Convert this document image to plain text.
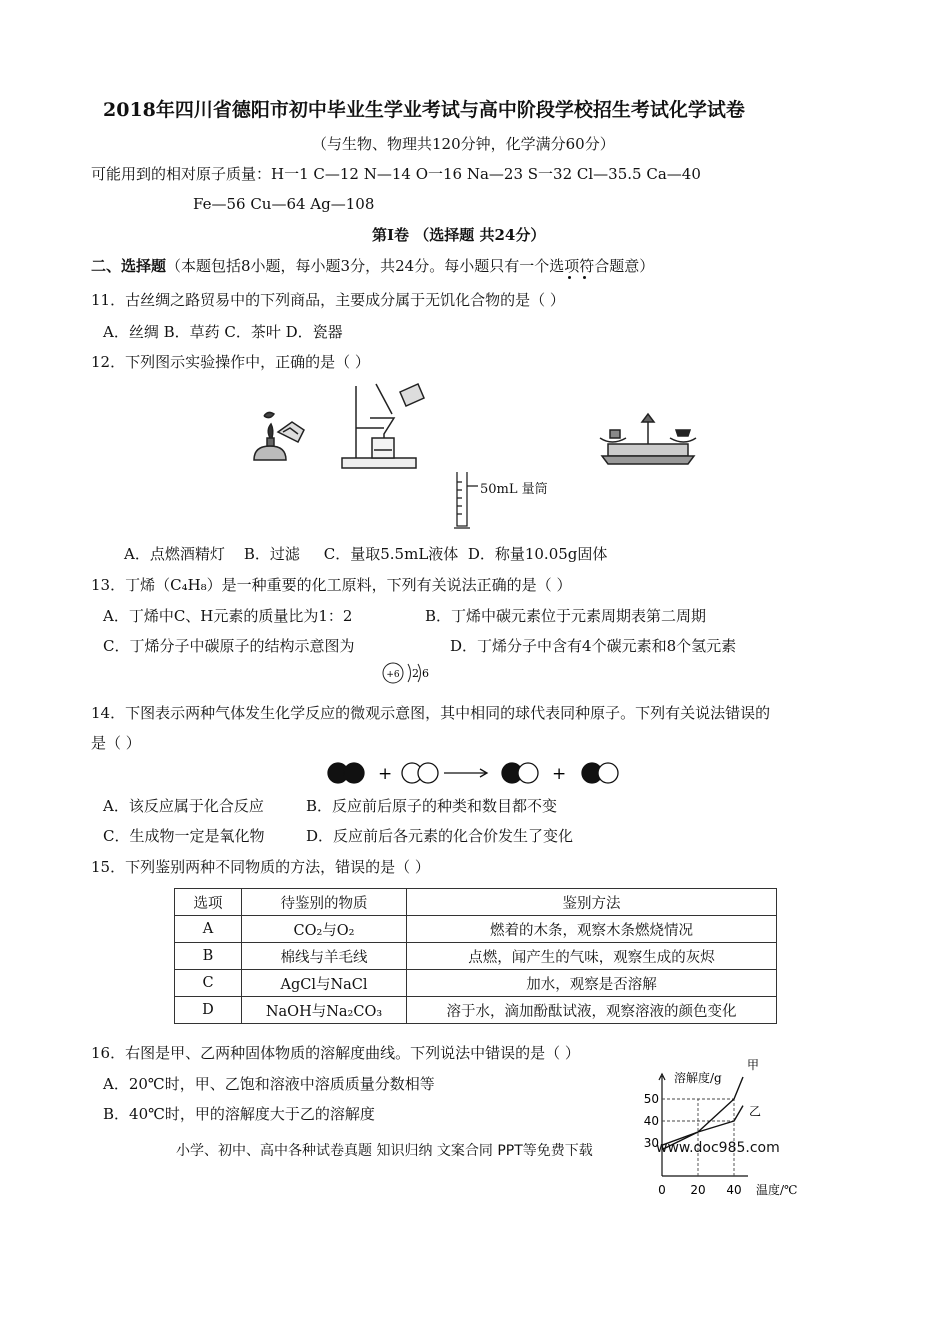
2018年四川省德阳市初中毕业生学业考试与高中阶段学校招生考试化学试卷
（与生物、物理共120分钟，化学满分60分）
可能用到的相对原子质量：H一1 C—12 N—14 O一16 Na—23 S一32 Cl—35.5 Ca—40
Fe—56 Cu—64 Ag—108
第Ⅰ卷 （选择题 共24分）
二、选择题（本题包括8小题，每小题3分，共24分。每小题只有一个选项符合题意）
11．古丝绸之路贸易中的下列商品，主要成分属于无饥化合物的是（ ）
A．丝绸 B．草药 C．茶叶 D．瓷器
12．下列图示实验操作中，正确的是（ ）
50mL 量筒
A．点燃酒精灯    B．过滤     C．量取5.5mL液体  D．称量10.05g固体
13．丁烯（C₄H₈）是一种重要的化工原料，下列有关说法正确的是（ ）
A．丁烯中C、H元素的质量比为1：2	B．丁烯中碳元素位于元素周期表第二周期
C．丁烯分子中碳原子的结构示意图为	D．丁烯分子中含有4个碳元素和8个氢元素
+6 2 6
14．下图表示两种气体发生化学反应的微观示意图，其中相同的球代表同种原子。下列有关说法错误的
是（ ）
+	+
A．该反应属于化合反应	B．反应前后原子的种类和数目都不变
C．生成物一定是氧化物	D．反应前后各元素的化合价发生了变化
15．下列鉴别两种不同物质的方法，错误的是（ ）
选项	待鉴别的物质	鉴别方法
A	CO₂与O₂	燃着的木条，观察木条燃烧情况
B	棉线与羊毛线	点燃，闻产生的气味，观察生成的灰烬
C	AgCl与NaCl	加水，观察是否溶解
D	NaOH与Na₂CO₃	溶于水，滴加酚酞试液，观察溶液的颜色变化
16．右图是甲、乙两种固体物质的溶解度曲线。下列说法中错误的是（ ）
A．20℃时，甲、乙饱和溶液中溶质质量分数相等
B．40℃时，甲的溶解度大于乙的溶解度
0 20 40
30
40
50
溶解度/g
温度/℃
甲
乙
小学、初中、高中各种试卷真题 知识归纳 文案合同 PPT等免费下载	www.doc985.com
